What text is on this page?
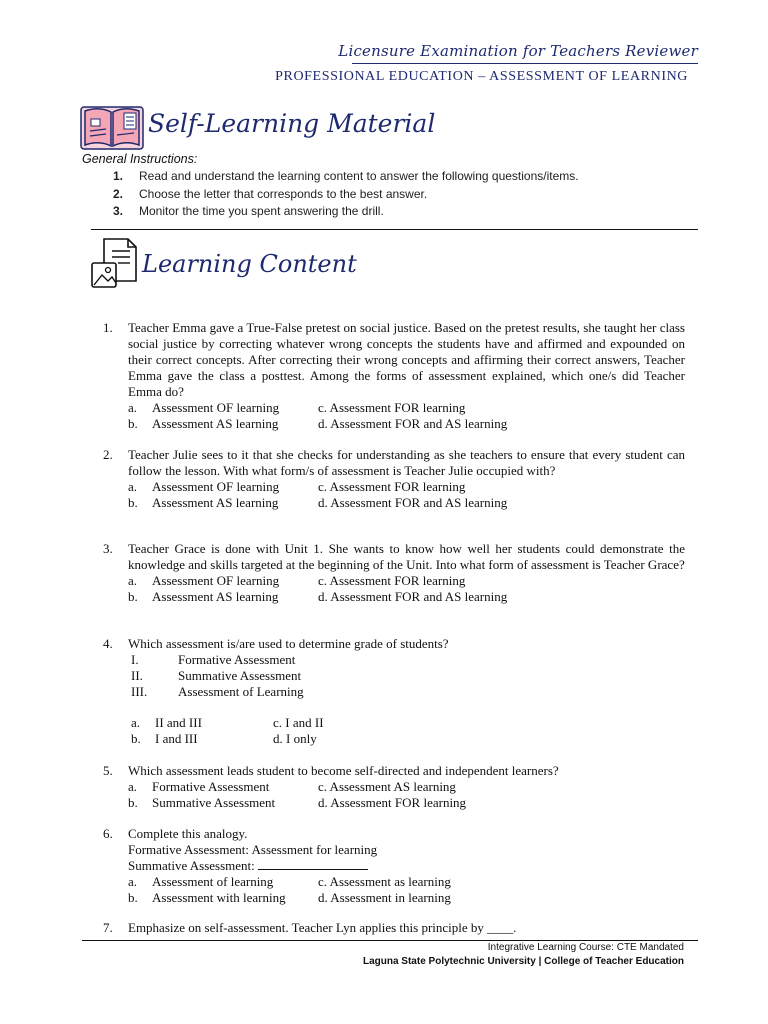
Licensure Examination for Teachers Reviewer
PROFESSIONAL EDUCATION – ASSESSMENT OF LEARNING
Self-Learning Material
General Instructions:
1.	Read and understand the learning content to answer the following questions/items.
2.	Choose the letter that corresponds to the best answer.
3.	Monitor the time you spent answering the drill.
Learning Content
1.	Teacher Emma gave a True-False pretest on social justice. Based on the pretest results, she taught her class social justice by correcting whatever wrong concepts the students have and affirmed and expounded on their correct concepts. After correcting their wrong concepts and affirming their correct answers, Teacher Emma gave the class a posttest. Among the forms of assessment explained, which one/s did Teacher Emma do?
a.	Assessment OF learning	c. Assessment FOR learning
b.	Assessment AS learning	d. Assessment FOR and AS learning
2.	Teacher Julie sees to it that she checks for understanding as she teachers to ensure that every student can follow the lesson. With what form/s of assessment is Teacher Julie occupied with?
a.	Assessment OF learning	c. Assessment FOR learning
b.	Assessment AS learning	d. Assessment FOR and AS learning
3.	Teacher Grace is done with Unit 1. She wants to know how well her students could demonstrate the knowledge and skills targeted at the beginning of the Unit. Into what form of assessment is Teacher Grace?
a.	Assessment OF learning	c. Assessment FOR learning
b.	Assessment AS learning	d. Assessment FOR and AS learning
4.	Which assessment is/are used to determine grade of students?
I.	Formative Assessment
II.	Summative Assessment
III.	Assessment of Learning
a.	II and III	c. I and II
b.	I and III	d. I only
5.	Which assessment leads student to become self-directed and independent learners?
a.	Formative Assessment	c. Assessment AS learning
b.	Summative Assessment	d. Assessment FOR learning
6.	Complete this analogy.
Formative Assessment: Assessment for learning
Summative Assessment:
a.	Assessment of learning	c. Assessment as learning
b.	Assessment with learning d. Assessment in learning
7.	Emphasize on self-assessment. Teacher Lyn applies this principle by ____.
Integrative Learning Course: CTE Mandated
Laguna State Polytechnic University | College of Teacher Education
